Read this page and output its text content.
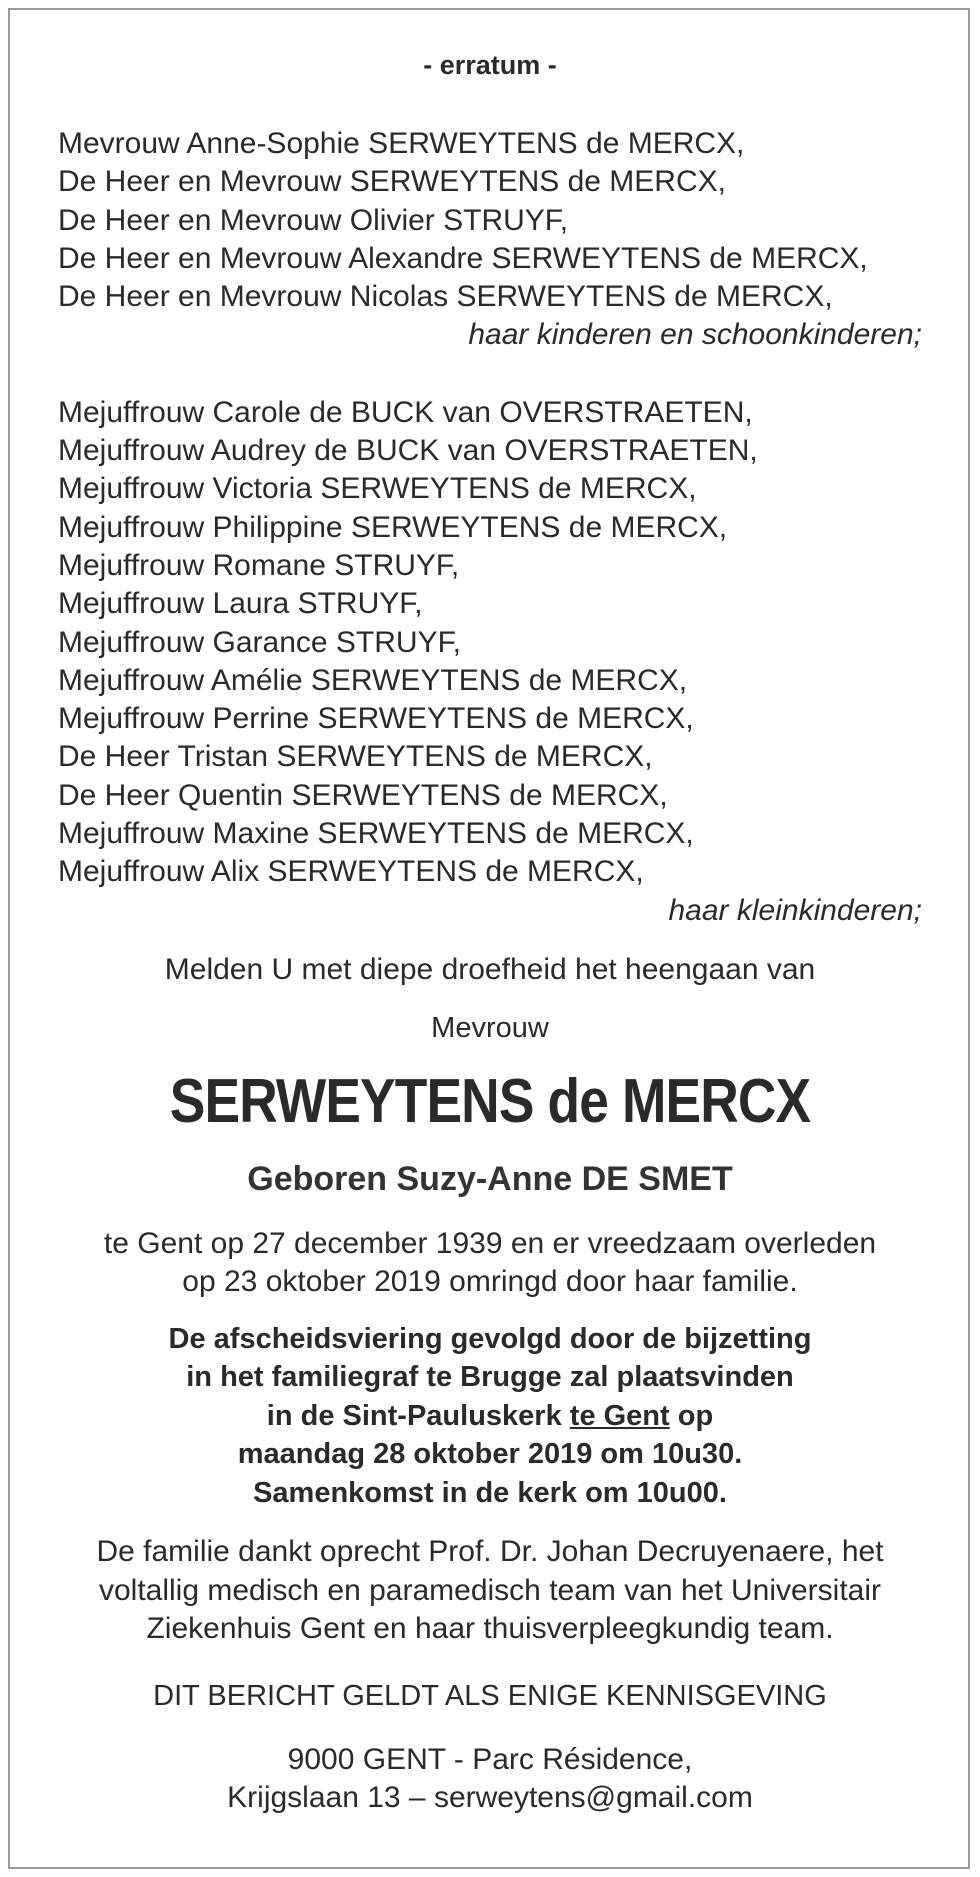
- erratum -
Mevrouw Anne-Sophie SERWEYTENS de MERCX,
De Heer en Mevrouw SERWEYTENS de MERCX,
De Heer en Mevrouw Olivier STRUYF,
De Heer en Mevrouw Alexandre SERWEYTENS de MERCX,
De Heer en Mevrouw Nicolas SERWEYTENS de MERCX,
haar kinderen en schoonkinderen;
Mejuffrouw Carole de BUCK van OVERSTRAETEN,
Mejuffrouw Audrey de BUCK van OVERSTRAETEN,
Mejuffrouw Victoria SERWEYTENS de MERCX,
Mejuffrouw Philippine SERWEYTENS de MERCX,
Mejuffrouw Romane STRUYF,
Mejuffrouw Laura STRUYF,
Mejuffrouw Garance STRUYF,
Mejuffrouw Amélie SERWEYTENS de MERCX,
Mejuffrouw Perrine SERWEYTENS de MERCX,
De Heer Tristan SERWEYTENS de MERCX,
De Heer Quentin SERWEYTENS de MERCX,
Mejuffrouw Maxine SERWEYTENS de MERCX,
Mejuffrouw Alix SERWEYTENS de MERCX,
haar kleinkinderen;
Melden U met diepe droefheid het heengaan van
Mevrouw
SERWEYTENS de MERCX
Geboren Suzy-Anne DE SMET
te Gent op 27 december 1939 en er vreedzaam overleden
op 23 oktober 2019 omringd door haar familie.
De afscheidsviering gevolgd door de bijzetting
in het familiegraf te Brugge zal plaatsvinden
in de Sint-Pauluskerk te Gent op
maandag 28 oktober 2019 om 10u30.
Samenkomst in de kerk om 10u00.
De familie dankt oprecht Prof. Dr. Johan Decruyenaere, het
voltallig medisch en paramedisch team van het Universitair
Ziekenhuis Gent en haar thuisverpleegkundig team.
DIT BERICHT GELDT ALS ENIGE KENNISGEVING
9000 GENT - Parc Résidence,
Krijgslaan 13 – serweytens@gmail.com
